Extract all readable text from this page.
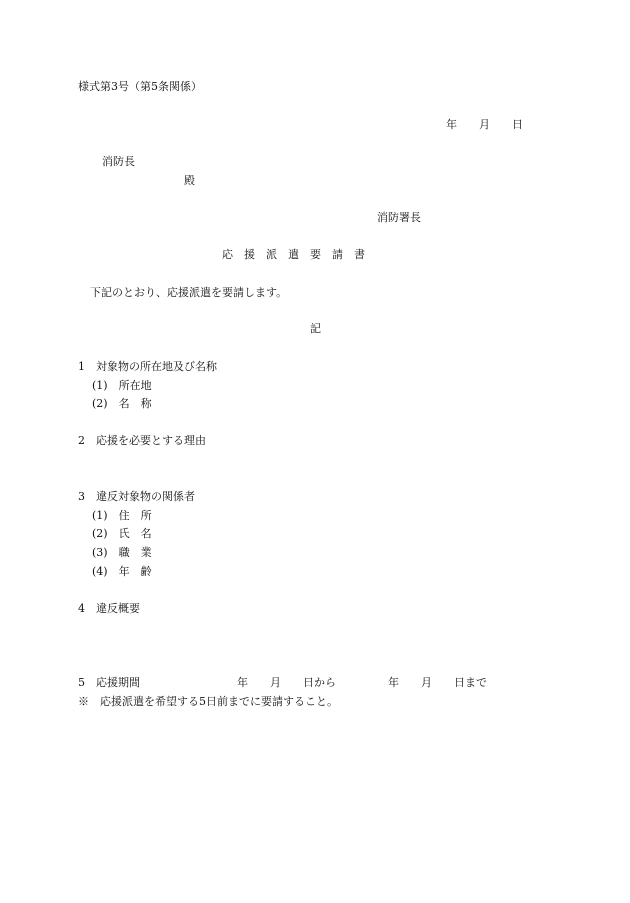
様式第3号（第5条関係）
年　　月　　日
消防長
殿
消防署長
応　援　派　遣　要　請　書
下記のとおり、応援派遣を要請します。
記
1　対象物の所在地及び名称
(1)　所在地
(2)　名　称
2　応援を必要とする理由
3　違反対象物の関係者
(1)　住　所
(2)　氏　名
(3)　職　業
(4)　年　齢
4　違反概要
5　応援期間	年　　月　　日から	年　　月　　日まで
※　応援派遣を希望する5日前までに要請すること。
